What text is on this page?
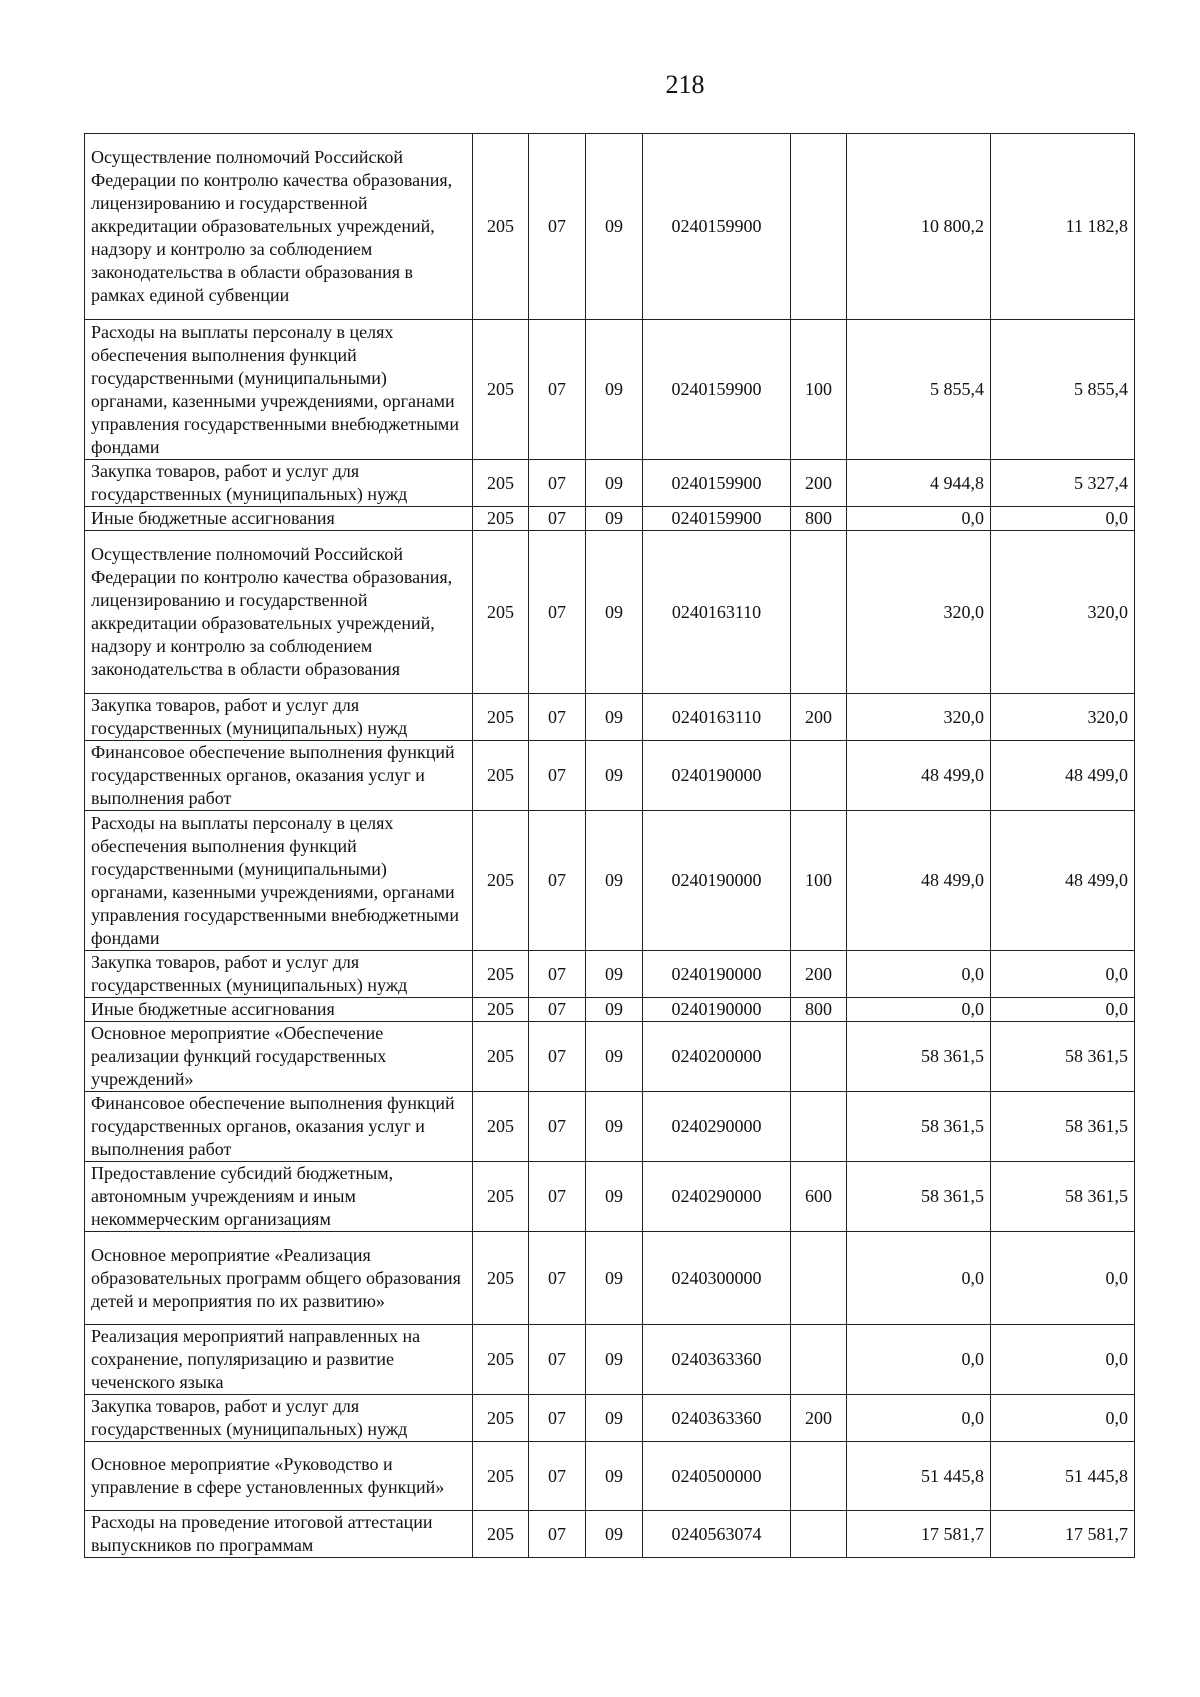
218
Осуществление полномочий Российской Федерации по контролю качества образования, лицензированию и государственной аккредитации образовательных учреждений, надзору и контролю за соблюдением законодательства в области образования в рамках единой субвенции	205	07	09	0240159900		10 800,2	11 182,8
Расходы на выплаты персоналу в целях обеспечения выполнения функций государственными (муниципальными) органами, казенными учреждениями, органами управления государственными внебюджетными фондами	205	07	09	0240159900	100	5 855,4	5 855,4
Закупка товаров, работ и услуг для государственных (муниципальных) нужд	205	07	09	0240159900	200	4 944,8	5 327,4
Иные бюджетные ассигнования	205	07	09	0240159900	800	0,0	0,0
Осуществление полномочий Российской Федерации по контролю качества образования, лицензированию и государственной аккредитации образовательных учреждений, надзору и контролю за соблюдением законодательства в области образования	205	07	09	0240163110		320,0	320,0
Закупка товаров, работ и услуг для государственных (муниципальных) нужд	205	07	09	0240163110	200	320,0	320,0
Финансовое обеспечение выполнения функций государственных органов, оказания услуг и выполнения работ	205	07	09	0240190000		48 499,0	48 499,0
Расходы на выплаты персоналу в целях обеспечения выполнения функций государственными (муниципальными) органами, казенными учреждениями, органами управления государственными внебюджетными фондами	205	07	09	0240190000	100	48 499,0	48 499,0
Закупка товаров, работ и услуг для государственных (муниципальных) нужд	205	07	09	0240190000	200	0,0	0,0
Иные бюджетные ассигнования	205	07	09	0240190000	800	0,0	0,0
Основное мероприятие «Обеспечение реализации функций государственных учреждений»	205	07	09	0240200000		58 361,5	58 361,5
Финансовое обеспечение выполнения функций государственных органов, оказания услуг и выполнения работ	205	07	09	0240290000		58 361,5	58 361,5
Предоставление субсидий бюджетным, автономным учреждениям и иным некоммерческим организациям	205	07	09	0240290000	600	58 361,5	58 361,5
Основное мероприятие «Реализация образовательных программ общего образования детей и мероприятия по их развитию»	205	07	09	0240300000		0,0	0,0
Реализация мероприятий направленных на сохранение, популяризацию и развитие чеченского языка	205	07	09	0240363360		0,0	0,0
Закупка товаров, работ и услуг для государственных (муниципальных) нужд	205	07	09	0240363360	200	0,0	0,0
Основное мероприятие «Руководство и управление в сфере установленных функций»	205	07	09	0240500000		51 445,8	51 445,8
Расходы на проведение итоговой аттестации выпускников по программам	205	07	09	0240563074		17 581,7	17 581,7
